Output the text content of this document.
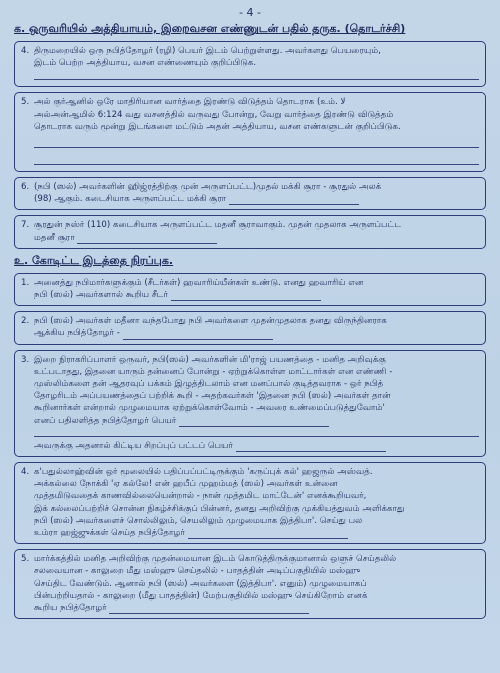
- 4 -
க. ஒருவரியில் அத்தியாயம், இறைவசன எண்ணுடன் பதில் தருக. (தொடர்ச்சி)
4. திருமறையில் ஒரு நபித்தோழர் (ரழி) பெயர் இடம் பெற்றுள்ளது. அவர்களது பெயரையும்,
இடம் பெற்ற அத்தியாய, வசன எண்ணையும் குறிப்பிடுக.
5. அல் குர்ஆனில் ஒரே மாதிரியான வார்த்தை இரண்டு விடுத்தம் தொடராக (உம். ﻻ
அல்அன்ஆமில் 6:124 வது வசனத்தில் வருவது போன்று, வேறு வார்த்தை இரண்டு விடுத்தம்
தொடராக வரும் மூன்று இடங்களை மட்டும் அதன் அத்தியாய, வசன எண்களுடன் குறிப்பிடுக.
6. (நபி (ஸல்) அவர்களின் ஹிஜ்ரத்திற்கு முன் அருளப்பட்ட)முதல் மக்கி சூரா - சூரதுல் அலக்
(98) ஆகும். கடைசியாக அருளப்பட்ட மக்கி சூரா
7. சூரதுன் நஸ்ர் (110) கடைசியாக அருளப்பட்ட மதனீ சூராவாகும். முதன் முதலாக அருளப்பட்ட
மதனீ சூரா
உ. கோடிட்ட இடத்தை நிரப்புக.
1. அனைத்து நபிமார்களுக்கும் (சீடர்கள்) ஹவாரிய்யீன்கள் உண்டு. எனது ஹவாரிய் என
நபி (ஸல்) அவர்களால் கூறிய சீடர்
2. நபி (ஸல்) அவர்கள் மதீனா வந்தபோது நபி அவர்களை முதன்முதலாக தனது விருந்தினராக
ஆக்கிய நபித்தோழர் -
3. இறை நிராகரிப்பாளர் ஒருவர், நபி(ஸல்) அவர்களின் மி'ராஜ் பயணத்தை - மனித அறிவுக்கு
உட்படாதது, இதனை யாரும் தன்னைப் போன்று - ஏற்றுக்கொள்ள மாட்டார்கள் என எண்ணி -
முஸ்லிம்களை தன் ஆதரவுப் பக்கம் இழுத்திடலாம் என மனப்பால் குடித்தவராக - ஒர் நபித்
தோழரிடம் அப்பயணத்தைப் பற்றிக் கூறி - அதற்கவர்கள் 'இதனை நபி (ஸல்) அவர்கள் தான்
கூறினார்கள் என்றால் முழுமையாக ஏற்றுக்கொள்வோம் - அவரை உண்மைப்படுத்துவோம்'
எனப் பதிலளித்த நபித்தோழர் பெயர்
அவருக்கு அதனால் கிட்டிய சிறப்புப் பட்டப் பெயர்
4. க'பதுல்லாஹ்வின் ஒர் மூலையில் பதிப்பப்பட்டிருக்கும் 'கருப்புக் கல்' ஹஜருல் அஸ்வத்.
அக்கல்லை நோக்கி 'ஏ கல்லே! என் ஹபீப் முஹம்மத் (ஸல்) அவர்கள் உன்னை
முத்தமிடுவதைக் காணவில்லையென்றால் - நான் முத்தமிட மாட்டேன்' எனக்கூறியவர்,
இக் கல்லைப்பற்றிச் சொன்ன நிகழ்ச்சிக்குப் பின்னர், தனது அறிவிற்கு முக்கியத்துவம் அளிக்காது
நபி (ஸல்) அவர்களைச் சொல்லிலும், செயலிலும் முழுமையாக இத்திபா'. செய்து பல
உம்ரா ஹஜ்ஜுக்கள் செய்த நபித்தோழர்
5. மார்க்கத்தில் மனித அறிவிற்கு முதன்மையான இடம் கொடுத்திருக்குமானால் ஒளுச் செய்தலில்
சலவையான - காலுறை மீது மஸ்ஹு செய்தலில் - பாதத்தின் அடிப்பகுதியில் மஸ்ஹு
செய்திட வேண்டும். ஆனால் நபி (ஸல்) அவர்களை (இத்திபா'. எனும்) முழுமையாகப்
பின்பற்றியதால் - காலுறை (மீது பாதத்தின்) மேற்பகுதியில் மஸ்ஹு செய்கிறோம் எனக்
கூறிய நபித்தோழர்
